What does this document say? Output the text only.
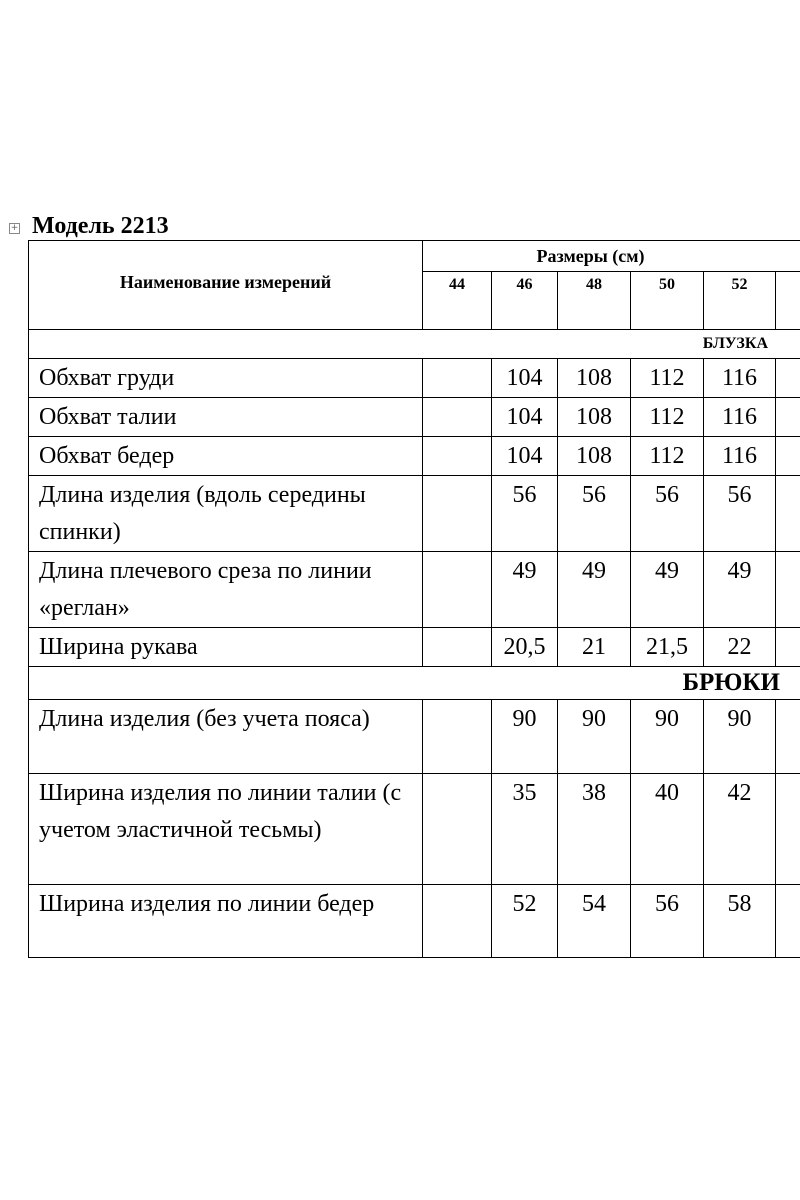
+ Модель 2213
Наименование измерений	Размеры (см)					
	44	46	48	50	52	
БЛУЗКА						
Обхват груди		104	108	112	116	
Обхват талии		104	108	112	116	
Обхват бедер		104	108	112	116	
Длина изделия (вдоль середины спинки)		56	56	56	56	
Длина плечевого среза по линии «реглан»		49	49	49	49	
Ширина рукава		20,5	21	21,5	22	
БРЮКИ						
Длина изделия (без учета пояса)		90	90	90	90	
Ширина изделия по линии талии (с учетом эластичной тесьмы)		35	38	40	42	
Ширина изделия по линии бедер		52	54	56	58	
